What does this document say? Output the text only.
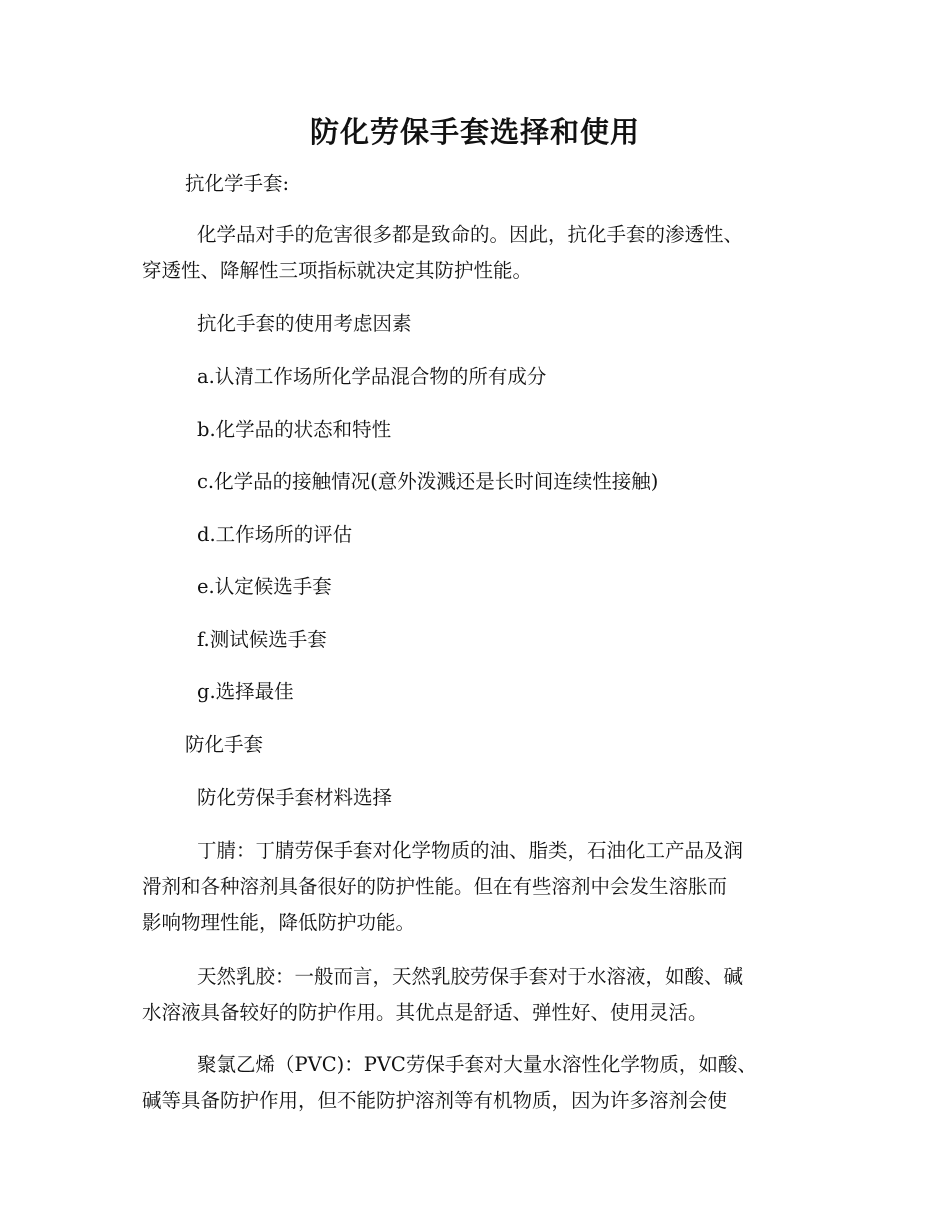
防化劳保手套选择和使用

抗化学手套:

化学品对手的危害很多都是致命的。因此，抗化手套的渗透性、
穿透性、降解性三项指标就决定其防护性能。

抗化手套的使用考虑因素

a.认清工作场所化学品混合物的所有成分

b.化学品的状态和特性

c.化学品的接触情况(意外泼溅还是长时间连续性接触)

d.工作场所的评估

e.认定候选手套

f.测试候选手套

g.选择最佳

防化手套

防化劳保手套材料选择

丁腈：丁腈劳保手套对化学物质的油、脂类，石油化工产品及润
滑剂和各种溶剂具备很好的防护性能。但在有些溶剂中会发生溶胀而
影响物理性能，降低防护功能。

天然乳胶：一般而言，天然乳胶劳保手套对于水溶液，如酸、碱
水溶液具备较好的防护作用。其优点是舒适、弹性好、使用灵活。

聚氯乙烯（PVC)：PVC劳保手套对大量水溶性化学物质，如酸、
碱等具备防护作用，但不能防护溶剂等有机物质，因为许多溶剂会使
